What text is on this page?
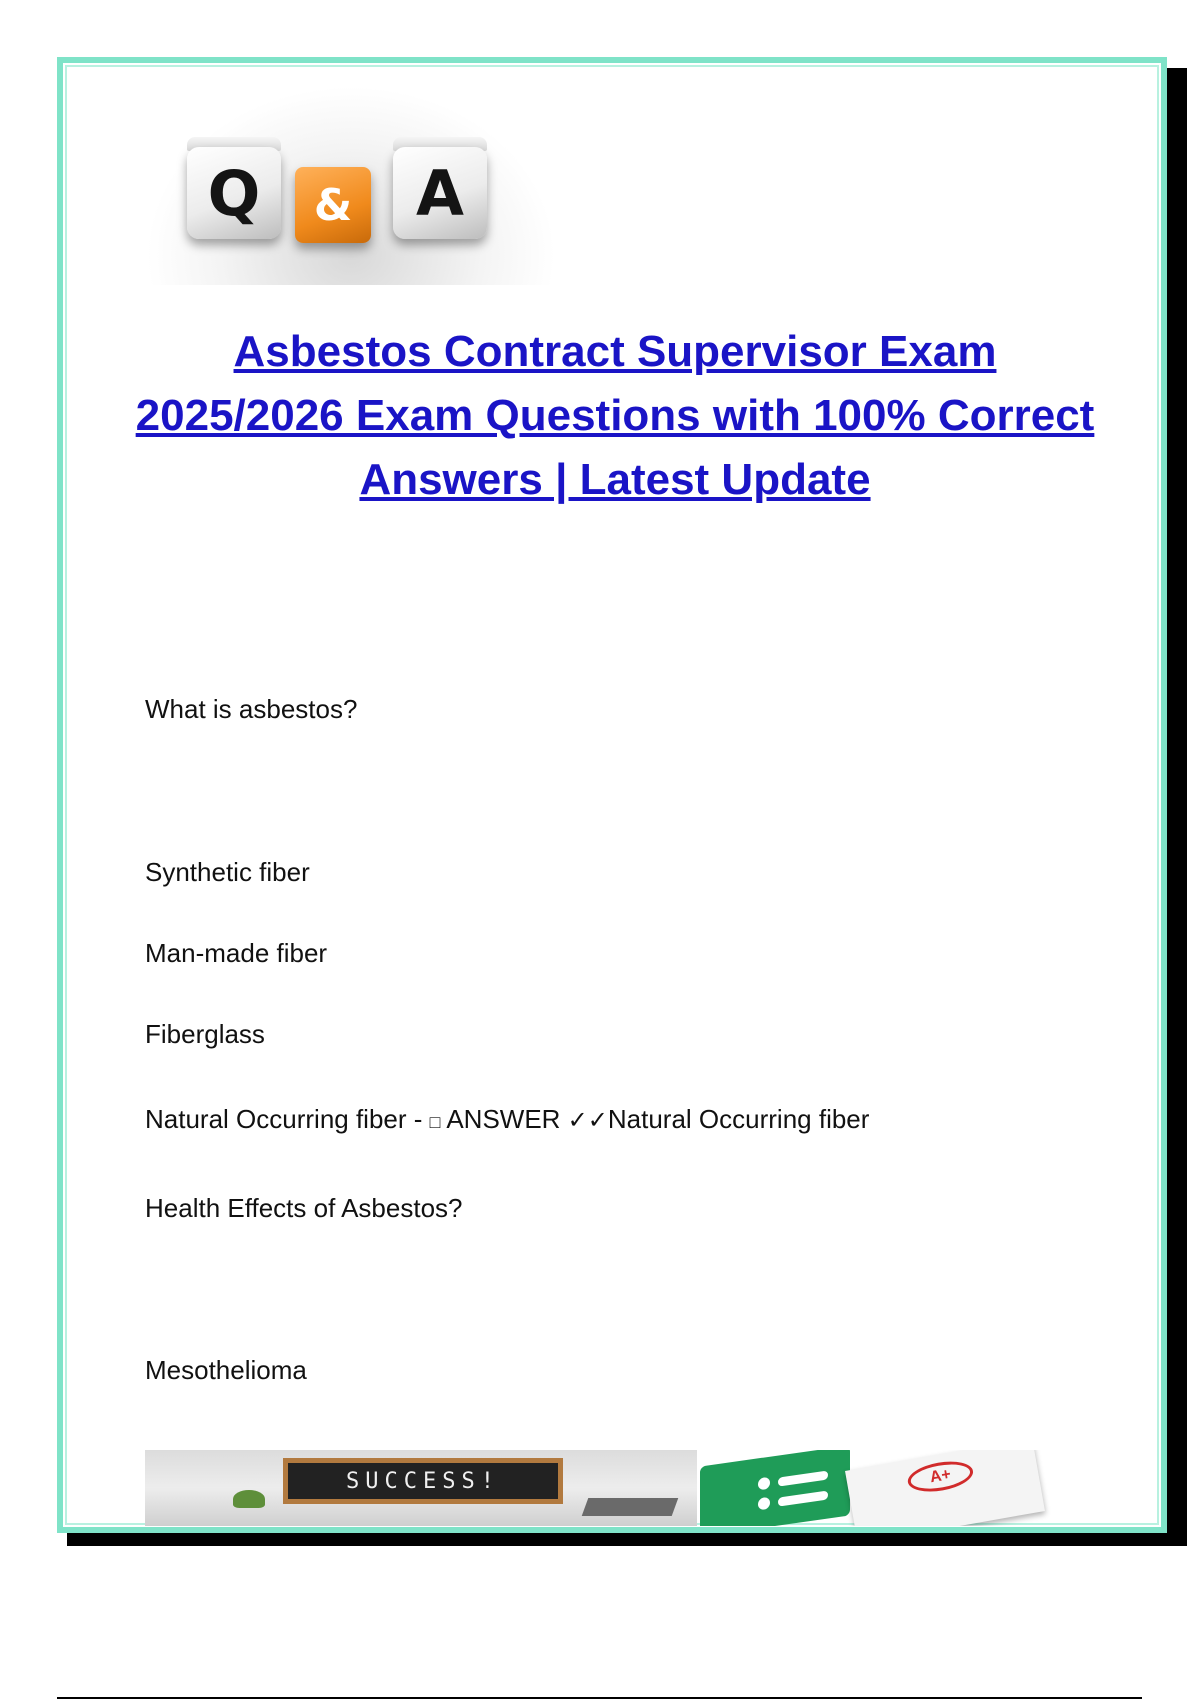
Q & A
Asbestos Contract Supervisor Exam 2025/2026 Exam Questions with 100% Correct Answers | Latest Update
What is asbestos?
Synthetic fiber
Man-made fiber
Fiberglass
Natural Occurring fiber - □ ANSWER ✓✓Natural Occurring fiber
Health Effects of Asbestos?
Mesothelioma
SUCCESS!	A+
